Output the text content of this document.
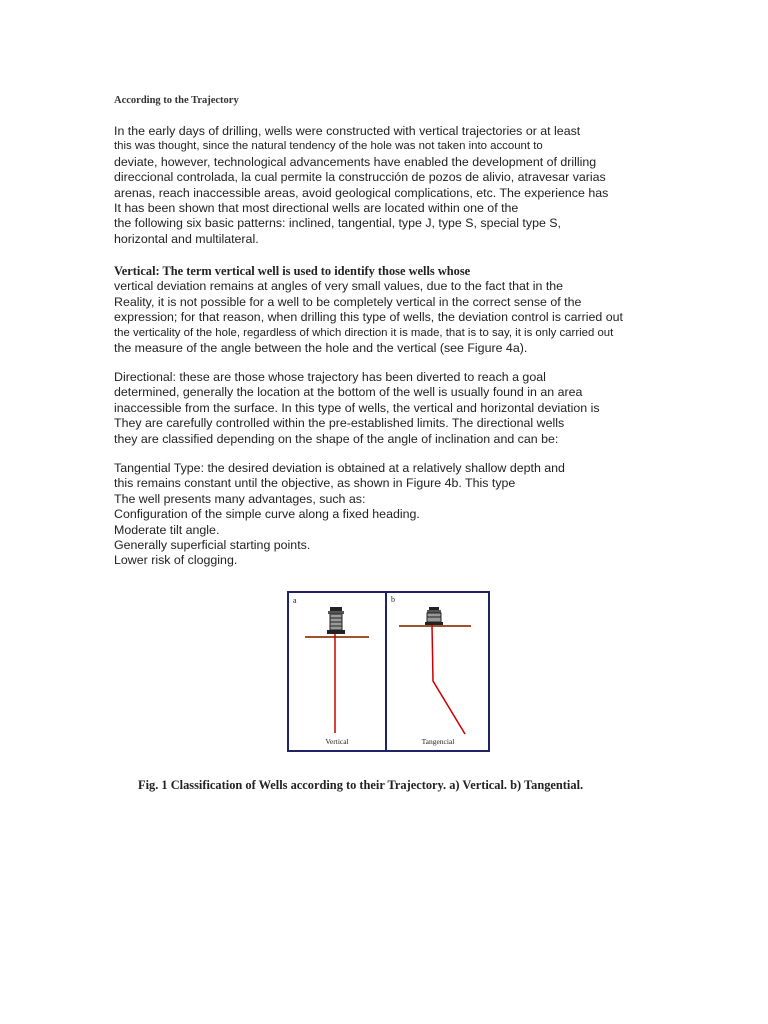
According to the Trajectory
In the early days of drilling, wells were constructed with vertical trajectories or at least
this was thought, since the natural tendency of the hole was not taken into account to
deviate, however, technological advancements have enabled the development of drilling
direccional controlada, la cual permite la construcción de pozos de alivio, atravesar varias
arenas, reach inaccessible areas, avoid geological complications, etc. The experience has
It has been shown that most directional wells are located within one of the
the following six basic patterns: inclined, tangential, type J, type S, special type S,
horizontal and multilateral.
Vertical: The term vertical well is used to identify those wells whose
vertical deviation remains at angles of very small values, due to the fact that in the
Reality, it is not possible for a well to be completely vertical in the correct sense of the
expression; for that reason, when drilling this type of wells, the deviation control is carried out
the verticality of the hole, regardless of which direction it is made, that is to say, it is only carried out
the measure of the angle between the hole and the vertical (see Figure 4a).
Directional: these are those whose trajectory has been diverted to reach a goal
determined, generally the location at the bottom of the well is usually found in an area
inaccessible from the surface. In this type of wells, the vertical and horizontal deviation is
They are carefully controlled within the pre-established limits. The directional wells
they are classified depending on the shape of the angle of inclination and can be:
Tangential Type: the desired deviation is obtained at a relatively shallow depth and
this remains constant until the objective, as shown in Figure 4b. This type
The well presents many advantages, such as:
Configuration of the simple curve along a fixed heading.
Moderate tilt angle.
Generally superficial starting points.
Lower risk of clogging.
a
Vertical
b
Tangencial
Fig. 1 Classification of Wells according to their Trajectory. a) Vertical. b) Tangential.
